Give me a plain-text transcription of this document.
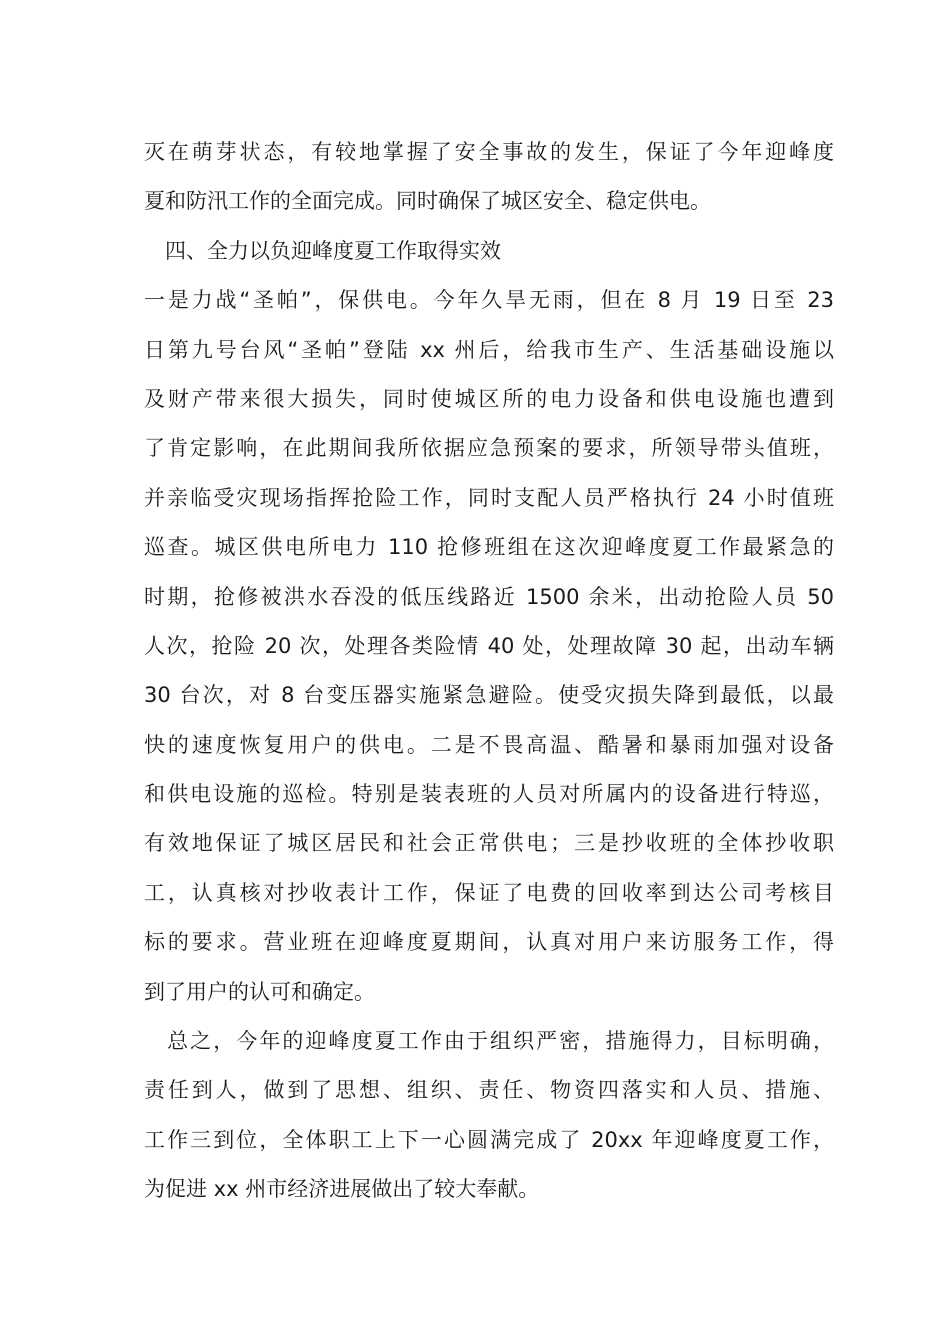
灭在萌芽状态，有较地掌握了安全事故的发生，保证了今年迎峰度
夏和防汛工作的全面完成。同时确保了城区安全、稳定供电。
　四、全力以负迎峰度夏工作取得实效
一是力战“圣帕”，保供电。今年久旱无雨，但在 8 月 19 日至 23
日第九号台风“圣帕”登陆 xx 州后，给我市生产、生活基础设施以
及财产带来很大损失，同时使城区所的电力设备和供电设施也遭到
了肯定影响，在此期间我所依据应急预案的要求，所领导带头值班，
并亲临受灾现场指挥抢险工作，同时支配人员严格执行 24 小时值班
巡查。城区供电所电力 110 抢修班组在这次迎峰度夏工作最紧急的
时期，抢修被洪水吞没的低压线路近 1500 余米，出动抢险人员 50
人次，抢险 20 次，处理各类险情 40 处，处理故障 30 起，出动车辆
30 台次，对 8 台变压器实施紧急避险。使受灾损失降到最低，以最
快的速度恢复用户的供电。二是不畏高温、酷暑和暴雨加强对设备
和供电设施的巡检。特别是装表班的人员对所属内的设备进行特巡，
有效地保证了城区居民和社会正常供电；三是抄收班的全体抄收职
工，认真核对抄收表计工作，保证了电费的回收率到达公司考核目
标的要求。营业班在迎峰度夏期间，认真对用户来访服务工作，得
到了用户的认可和确定。
　总之，今年的迎峰度夏工作由于组织严密，措施得力，目标明确，
责任到人，做到了思想、组织、责任、物资四落实和人员、措施、
工作三到位，全体职工上下一心圆满完成了 20xx 年迎峰度夏工作，
为促进 xx 州市经济进展做出了较大奉献。
